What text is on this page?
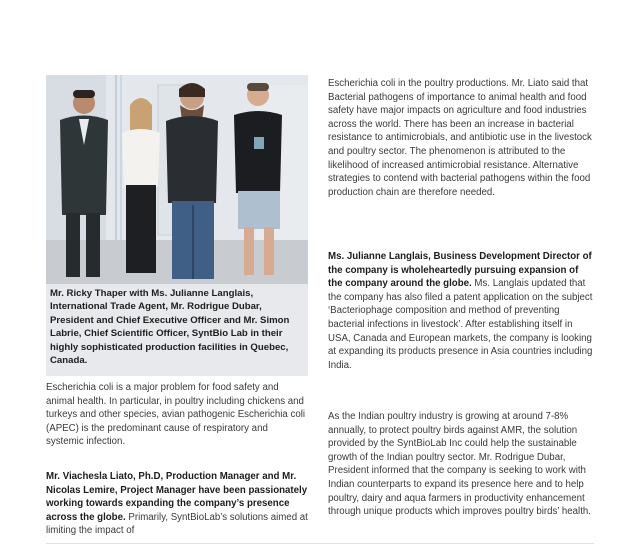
Mr. Ricky Thaper with Ms. Julianne Langlais, International Trade Agent, Mr. Rodrigue Dubar, President and Chief Executive Officer and Mr. Simon Labrie, Chief Scientific Officer, SyntBio Lab in their highly sophisticated production facilities in Quebec, Canada.

Escherichia coli is a major problem for food safety and animal health. In particular, in poultry including chickens and turkeys and other species, avian pathogenic Escherichia coli (APEC) is the predominant cause of respiratory and systemic infection.

Mr. Viachesla Liato, Ph.D, Production Manager and Mr. Nicolas Lemire, Project Manager have been passionately working towards expanding the company’s presence across the globe. Primarily, SyntBioLab’s solutions aimed at limiting the impact of

Escherichia coli in the poultry productions. Mr. Liato said that Bacterial pathogens of importance to animal health and food safety have major impacts on agriculture and food industries across the world. There has been an increase in bacterial resistance to antimicrobials, and antibiotic use in the livestock and poultry sector. The phenomenon is attributed to the likelihood of increased antimicrobial resistance. Alternative strategies to contend with bacterial pathogens within the food production chain are therefore needed.

Ms. Julianne Langlais, Business Development Director of the company is wholeheartedly pursuing expansion of the company around the globe. Ms. Langlais updated that the company has also filed a patent application on the subject ‘Bacteriophage composition and method of preventing bacterial infections in livestock’. After establishing itself in USA, Canada and European markets, the company is looking at expanding its products presence in Asia countries including India.

As the Indian poultry industry is growing at around 7-8% annually, to protect poultry birds against AMR, the solution provided by the SyntBioLab Inc could help the sustainable growth of the Indian poultry sector. Mr. Rodrigue Dubar, President informed that the company is seeking to work with Indian counterparts to expand its presence here and to help poultry, dairy and aqua farmers in productivity enhancement through unique products which improves poultry birds’ health.
